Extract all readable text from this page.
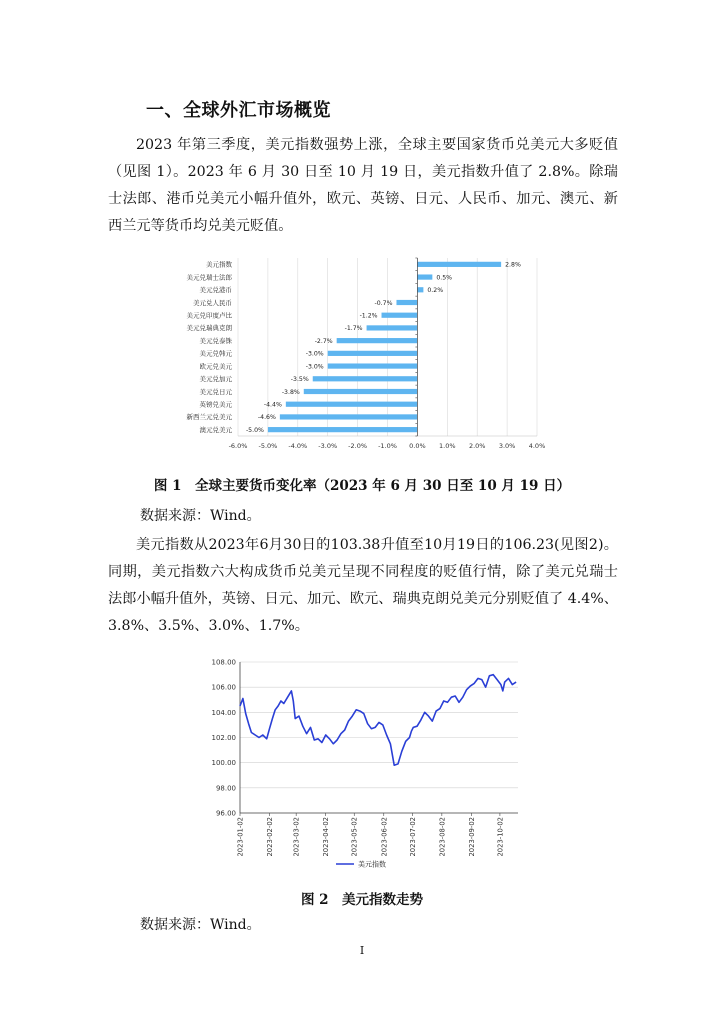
一、全球外汇市场概览
2023 年第三季度，美元指数强势上涨，全球主要国家货币兑美元大多贬值（见图 1）。2023 年 6 月 30 日至 10 月 19 日，美元指数升值了 2.8%。除瑞士法郎、港币兑美元小幅升值外，欧元、英镑、日元、人民币、加元、澳元、新西兰元等货币均兑美元贬值。
-6.0% -5.0% -4.0% -3.0% -2.0% -1.0% 0.0% 1.0% 2.0% 3.0% 4.0%
美元指数	2.8%
美元兑瑞士法郎	0.5%
美元兑港币	0.2%
美元兑人民币	-0.7%
美元兑印度卢比	-1.2%
美元兑瑞典克朗	-1.7%
美元兑泰铢	-2.7%
美元兑韩元	-3.0%
欧元兑美元	-3.0%
美元兑加元	-3.5%
美元兑日元	-3.8%
英镑兑美元	-4.4%
新西兰元兑美元	-4.6%
澳元兑美元 -5.0%
图 1　全球主要货币变化率（2023 年 6 月 30 日至 10 月 19 日）
数据来源：Wind。
美元指数从2023年6月30日的103.38升值至10月19日的106.23(见图2)。同期，美元指数六大构成货币兑美元呈现不同程度的贬值行情，除了美元兑瑞士法郎小幅升值外，英镑、日元、加元、欧元、瑞典克朗兑美元分别贬值了 4.4%、3.8%、3.5%、3.0%、1.7%。
96.00
98.00
100.00
102.00
104.00
106.00
108.00
2023-01-02	2023-02-02	2023-03-02	2023-04-02	2023-05-02	2023-06-02	2023-07-02	2023-08-02	2023-09-02	2023-10-02
美元指数
图 2　美元指数走势
数据来源：Wind。
I
